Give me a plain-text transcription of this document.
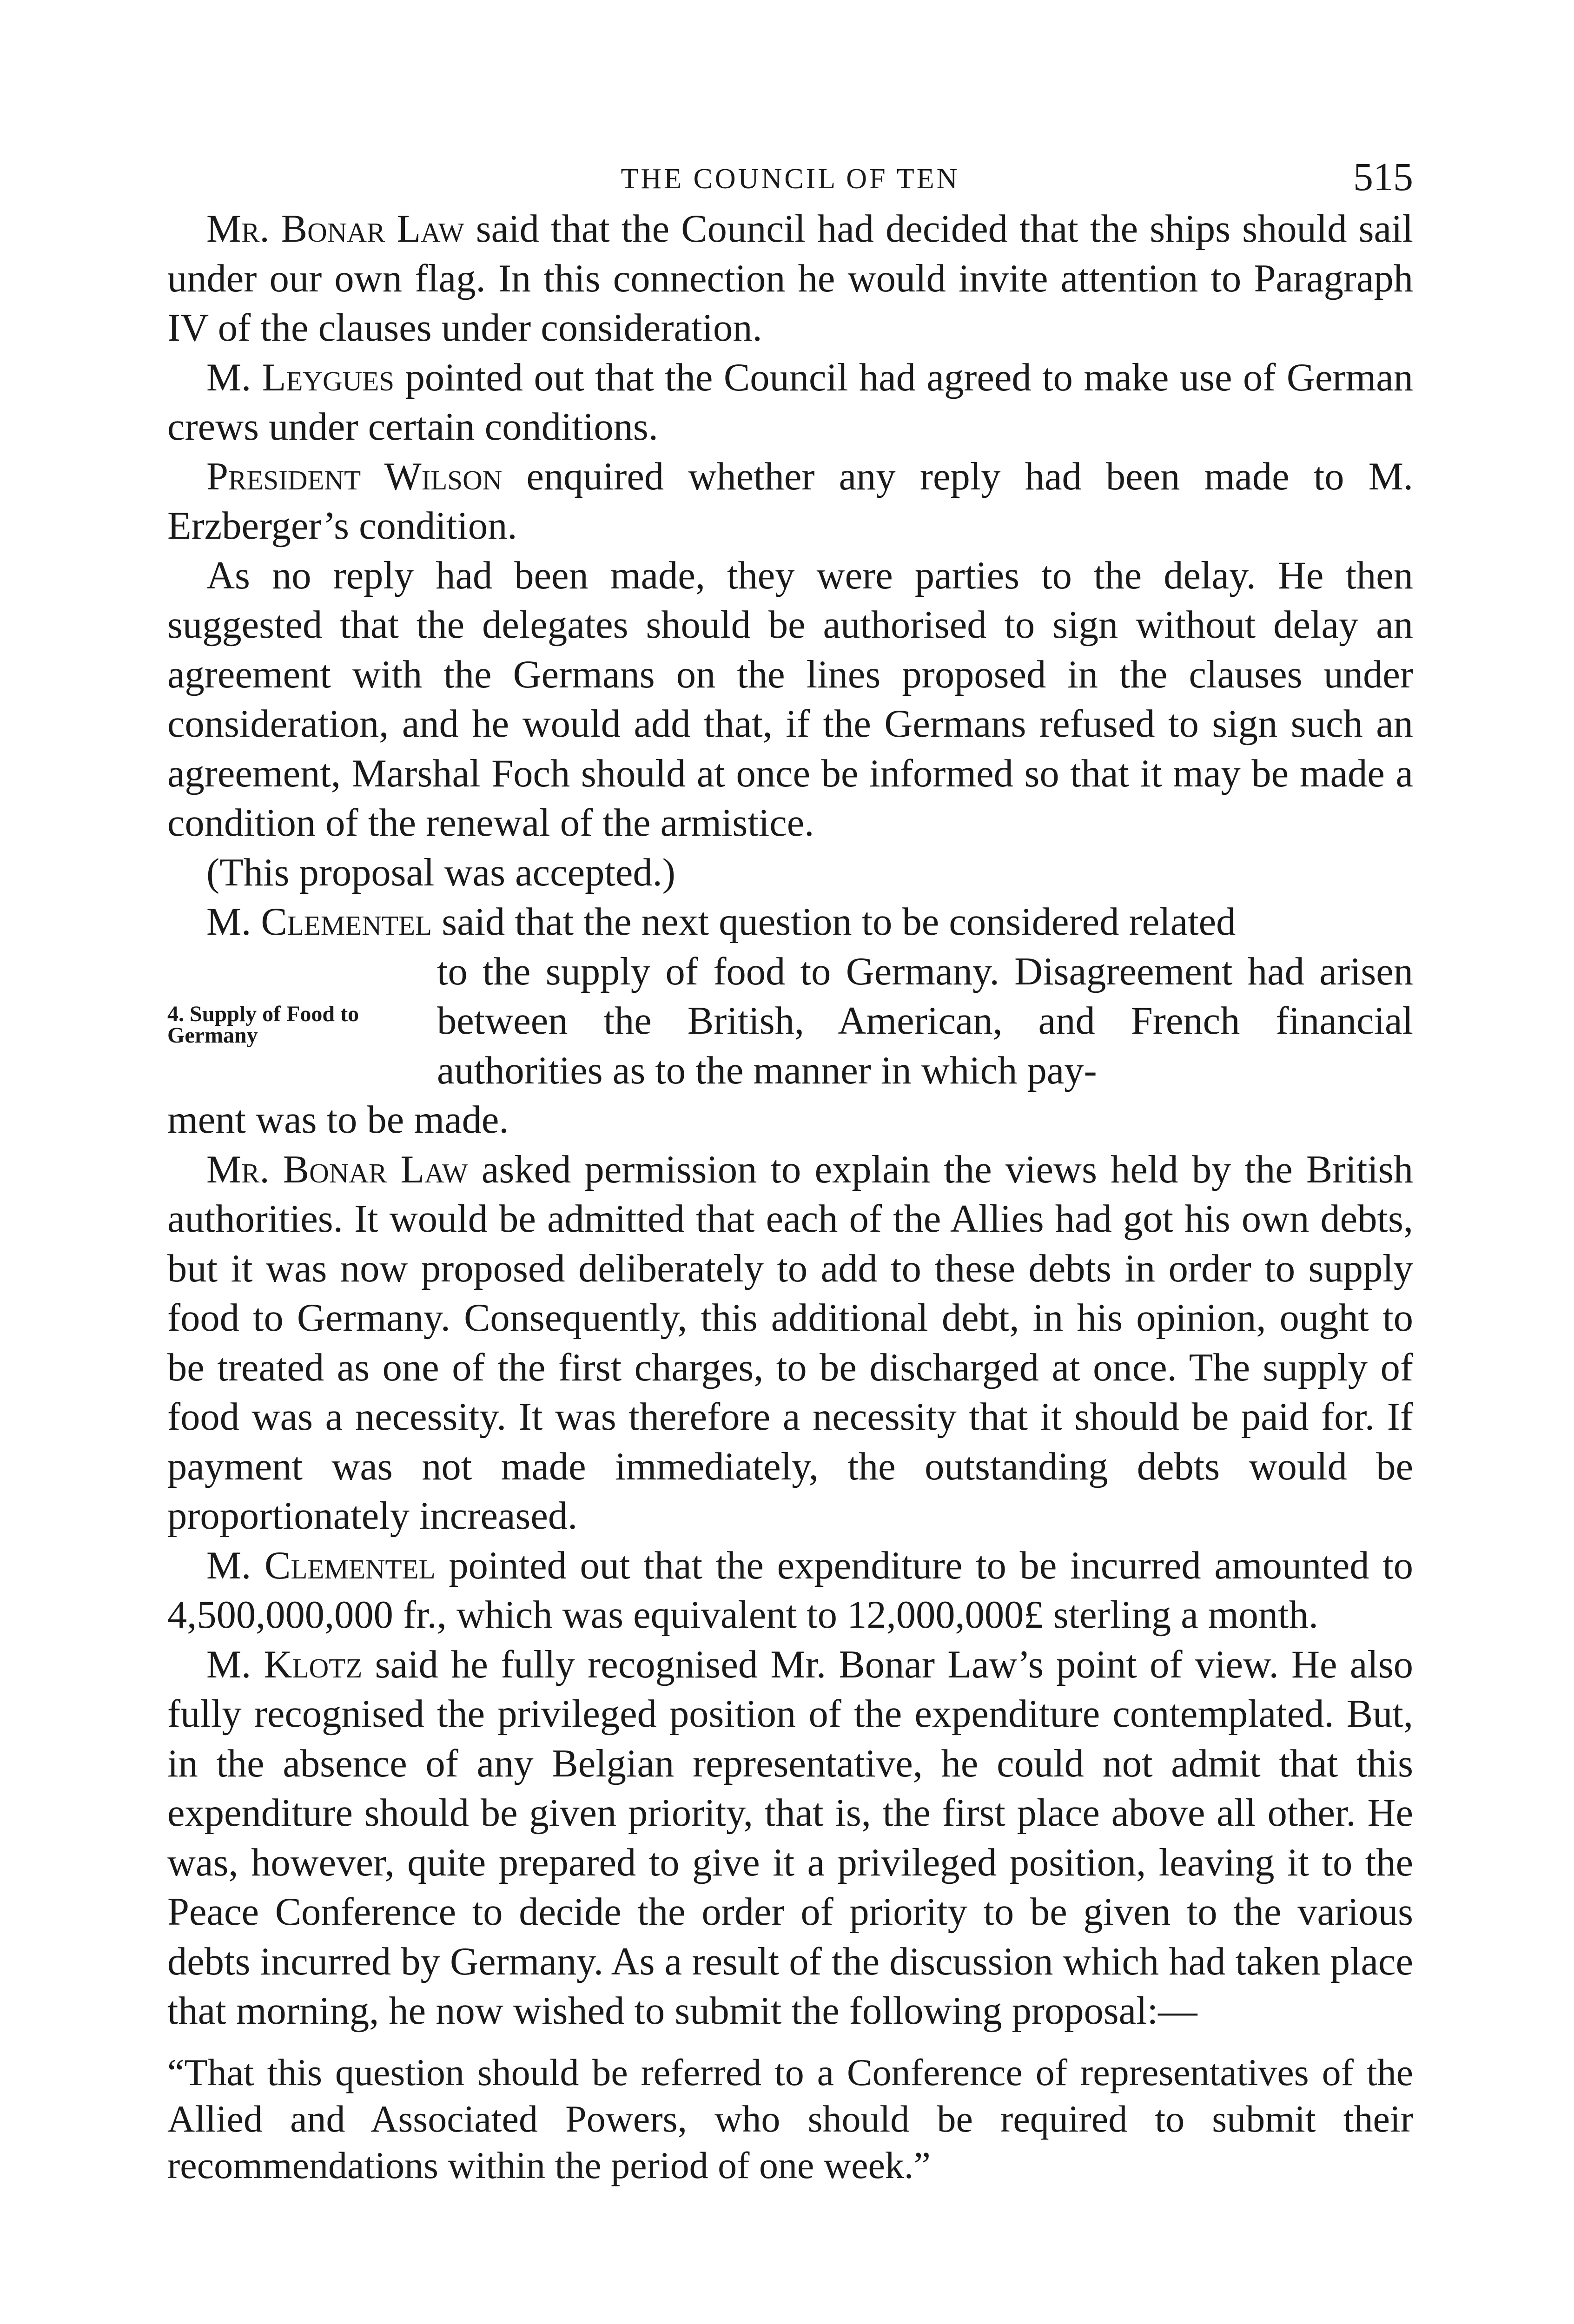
THE COUNCIL OF TEN	515

Mr. Bonar Law said that the Council had decided that the ships should sail under our own flag. In this connection he would invite attention to Paragraph IV of the clauses under consideration.

M. Leygues pointed out that the Council had agreed to make use of German crews under certain conditions.

President Wilson enquired whether any reply had been made to M. Erzberger’s condition.

As no reply had been made, they were parties to the delay. He then suggested that the delegates should be authorised to sign without delay an agreement with the Germans on the lines proposed in the clauses under consideration, and he would add that, if the Germans refused to sign such an agreement, Marshal Foch should at once be informed so that it may be made a condition of the renewal of the armistice.

(This proposal was accepted.)

4. Supply of Food to Germany

M. Clementel said that the next question to be considered related

to the supply of food to Germany. Disagreement had arisen between the British, American, and French financial authorities as to the manner in which pay-

ment was to be made.

Mr. Bonar Law asked permission to explain the views held by the British authorities. It would be admitted that each of the Allies had got his own debts, but it was now proposed deliberately to add to these debts in order to supply food to Germany. Consequently, this additional debt, in his opinion, ought to be treated as one of the first charges, to be discharged at once. The supply of food was a necessity. It was therefore a necessity that it should be paid for. If payment was not made immediately, the outstanding debts would be proportionately increased.

M. Clementel pointed out that the expenditure to be incurred amounted to 4,500,000,000 fr., which was equivalent to 12,000,000£ sterling a month.

M. Klotz said he fully recognised Mr. Bonar Law’s point of view. He also fully recognised the privileged position of the expenditure contemplated. But, in the absence of any Belgian representative, he could not admit that this expenditure should be given priority, that is, the first place above all other. He was, however, quite prepared to give it a privileged position, leaving it to the Peace Conference to decide the order of priority to be given to the various debts incurred by Germany. As a result of the discussion which had taken place that morning, he now wished to submit the following proposal:—

“That this question should be referred to a Conference of representatives of the Allied and Associated Powers, who should be required to submit their recommendations within the period of one week.”
